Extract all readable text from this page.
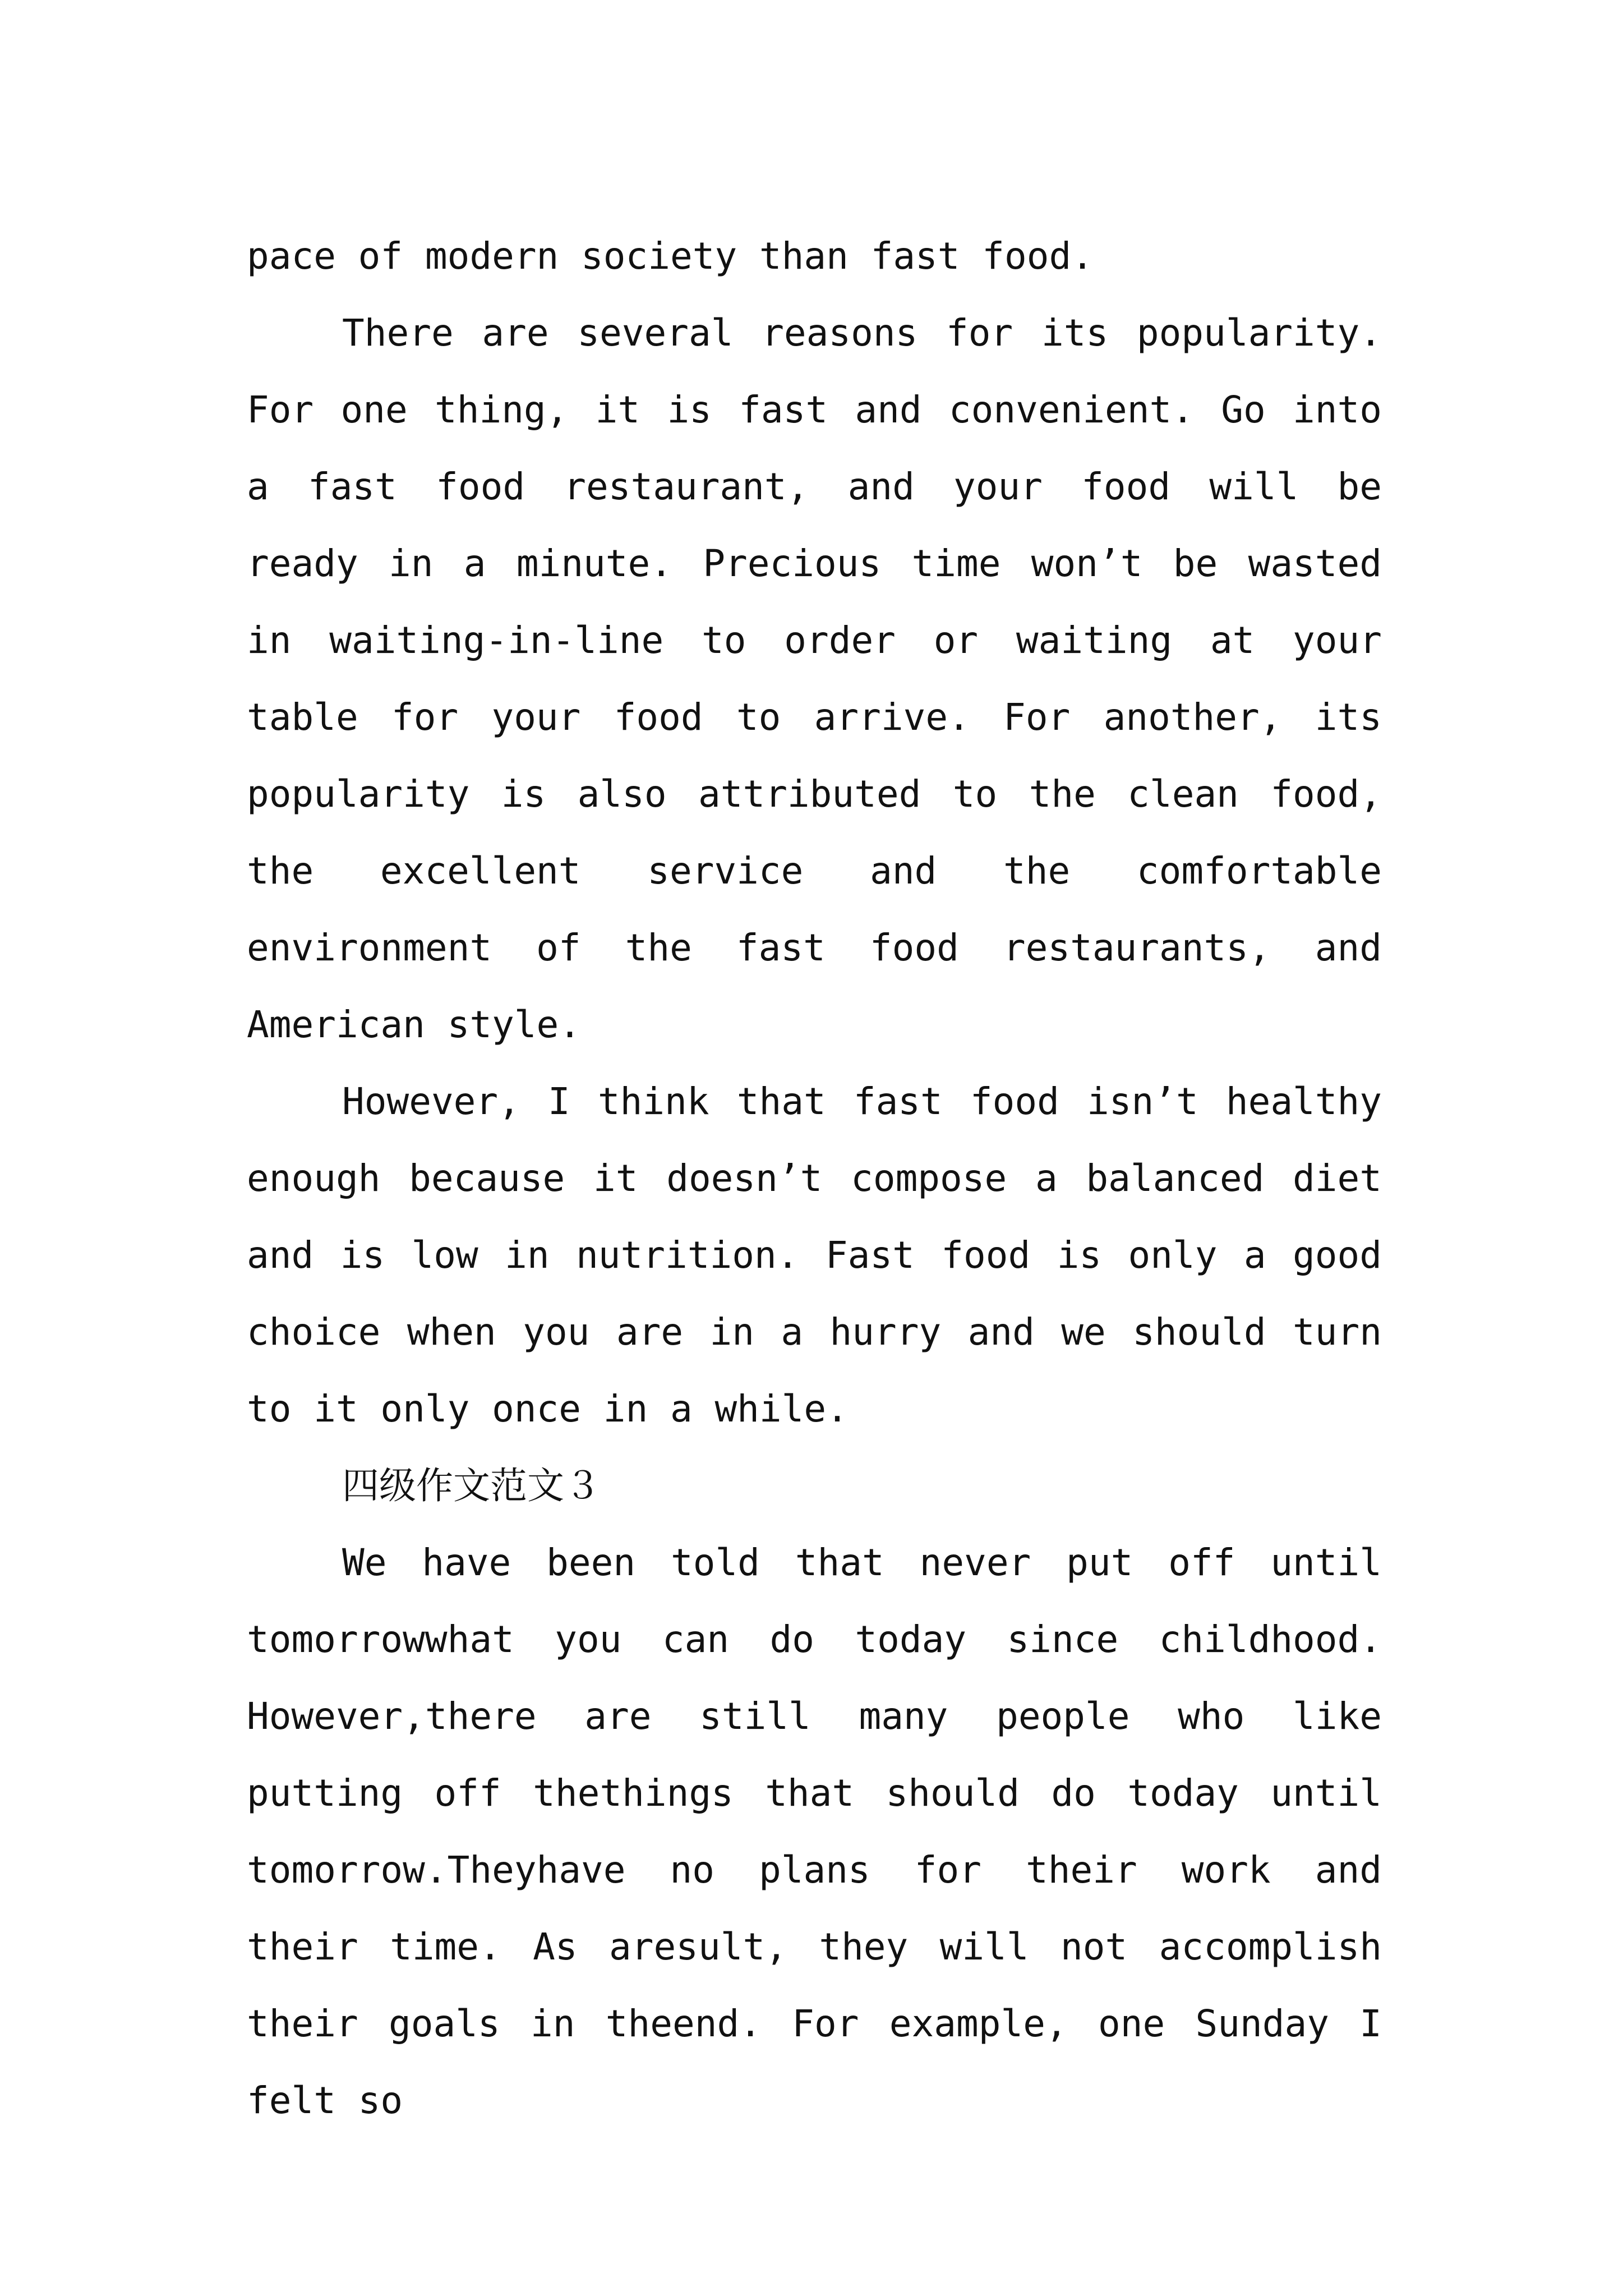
pace of modern society than fast food.

There are several reasons for its popularity. For one thing, it is fast and convenient. Go into a fast food restaurant, and your food will be ready in a minute. Precious time won’t be wasted in waiting-in-line to order or waiting at your table for your food to arrive. For another, its popularity is also attributed to the clean food, the excellent service and the comfortable environment of the fast food restaurants, and American style.

However, I think that fast food isn’t healthy enough because it doesn’t compose a balanced diet and is low in nutrition. Fast food is only a good choice when you are in a hurry and we should turn to it only once in a while.

四级作文范文３

We have been told that never put off until tomorrowwhat you can do today since childhood. However,there are still many people who like putting off thethings that should do today until tomorrow.Theyhave no plans for their work and their time. As aresult, they will not accomplish their goals in theend. For example, one Sunday I felt so
